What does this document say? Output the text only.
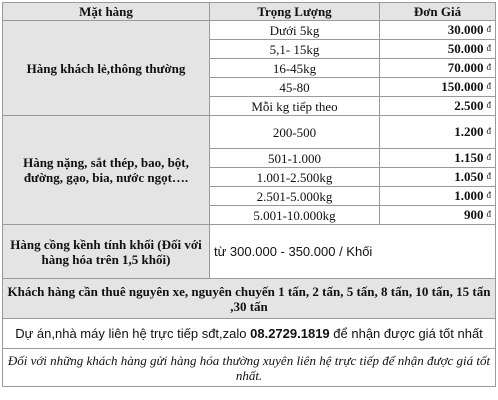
Mặt hàng	Trọng Lượng	Đơn Giá
Hàng khách lẻ,thông thường	Dưới 5kg	30.000 đ
	5,1- 15kg	50.000 đ
	16-45kg	70.000 đ
	45-80	150.000 đ
	Mỗi kg tiếp theo	2.500 đ
Hàng nặng, sắt thép, bao, bột, đường, gạo, bia, nước ngọt….	200-500	1.200 đ
	501-1.000	1.150 đ
	1.001-2.500kg	1.050 đ
	2.501-5.000kg	1.000 đ
	5.001-10.000kg	900 đ
Hàng cồng kềnh tính khối (Đối với hàng hóa trên 1,5 khối)	từ 300.000 - 350.000 / Khối	
Khách hàng cần thuê nguyên xe, nguyên chuyến 1 tấn, 2 tấn, 5 tấn, 8 tấn, 10 tấn, 15 tấn ,30 tấn		
Dự án,nhà máy liên hệ trực tiếp sđt,zalo 08.2729.1819 để nhận được giá tốt nhất		
Đối với những khách hàng gửi hàng hóa thường xuyên liên hệ trực tiếp để nhận được giá tốt nhất.		
